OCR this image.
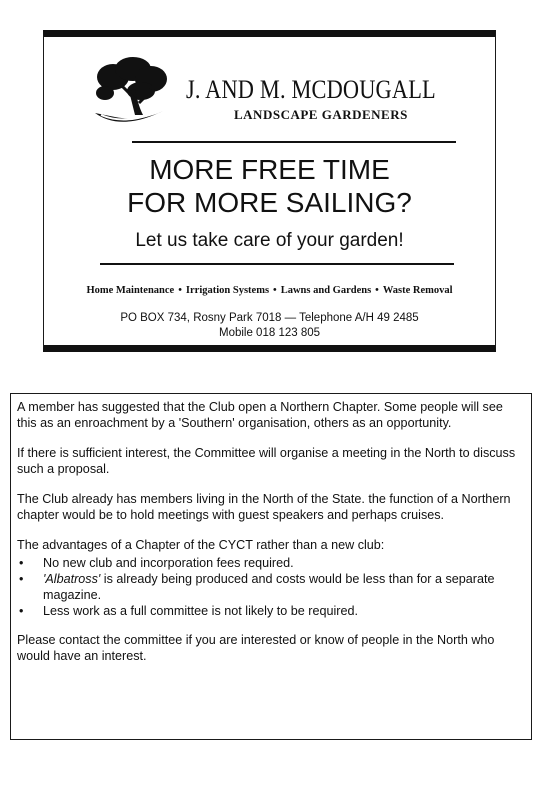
J. AND M. MCDOUGALL
LANDSCAPE GARDENERS
MORE FREE TIME
FOR MORE SAILING?
Let us take care of your garden!
Home Maintenance • Irrigation Systems • Lawns and Gardens • Waste Removal
PO BOX 734, Rosny Park 7018 — Telephone A/H 49 2485
Mobile 018 123 805

A member has suggested that the Club open a Northern Chapter. Some people will see this as an enroachment by a 'Southern' organisation, others as an opportunity.

If there is sufficient interest, the Committee will organise a meeting in the North to discuss such a proposal.

The Club already has members living in the North of the State. the function of a Northern chapter would be to hold meetings with guest speakers and perhaps cruises.

The advantages of a Chapter of the CYCT rather than a new club:

• No new club and incorporation fees required.
• 'Albatross' is already being produced and costs would be less than for a separate magazine.
• Less work as a full committee is not likely to be required.

Please contact the committee if you are interested or know of people in the North who would have an interest.
